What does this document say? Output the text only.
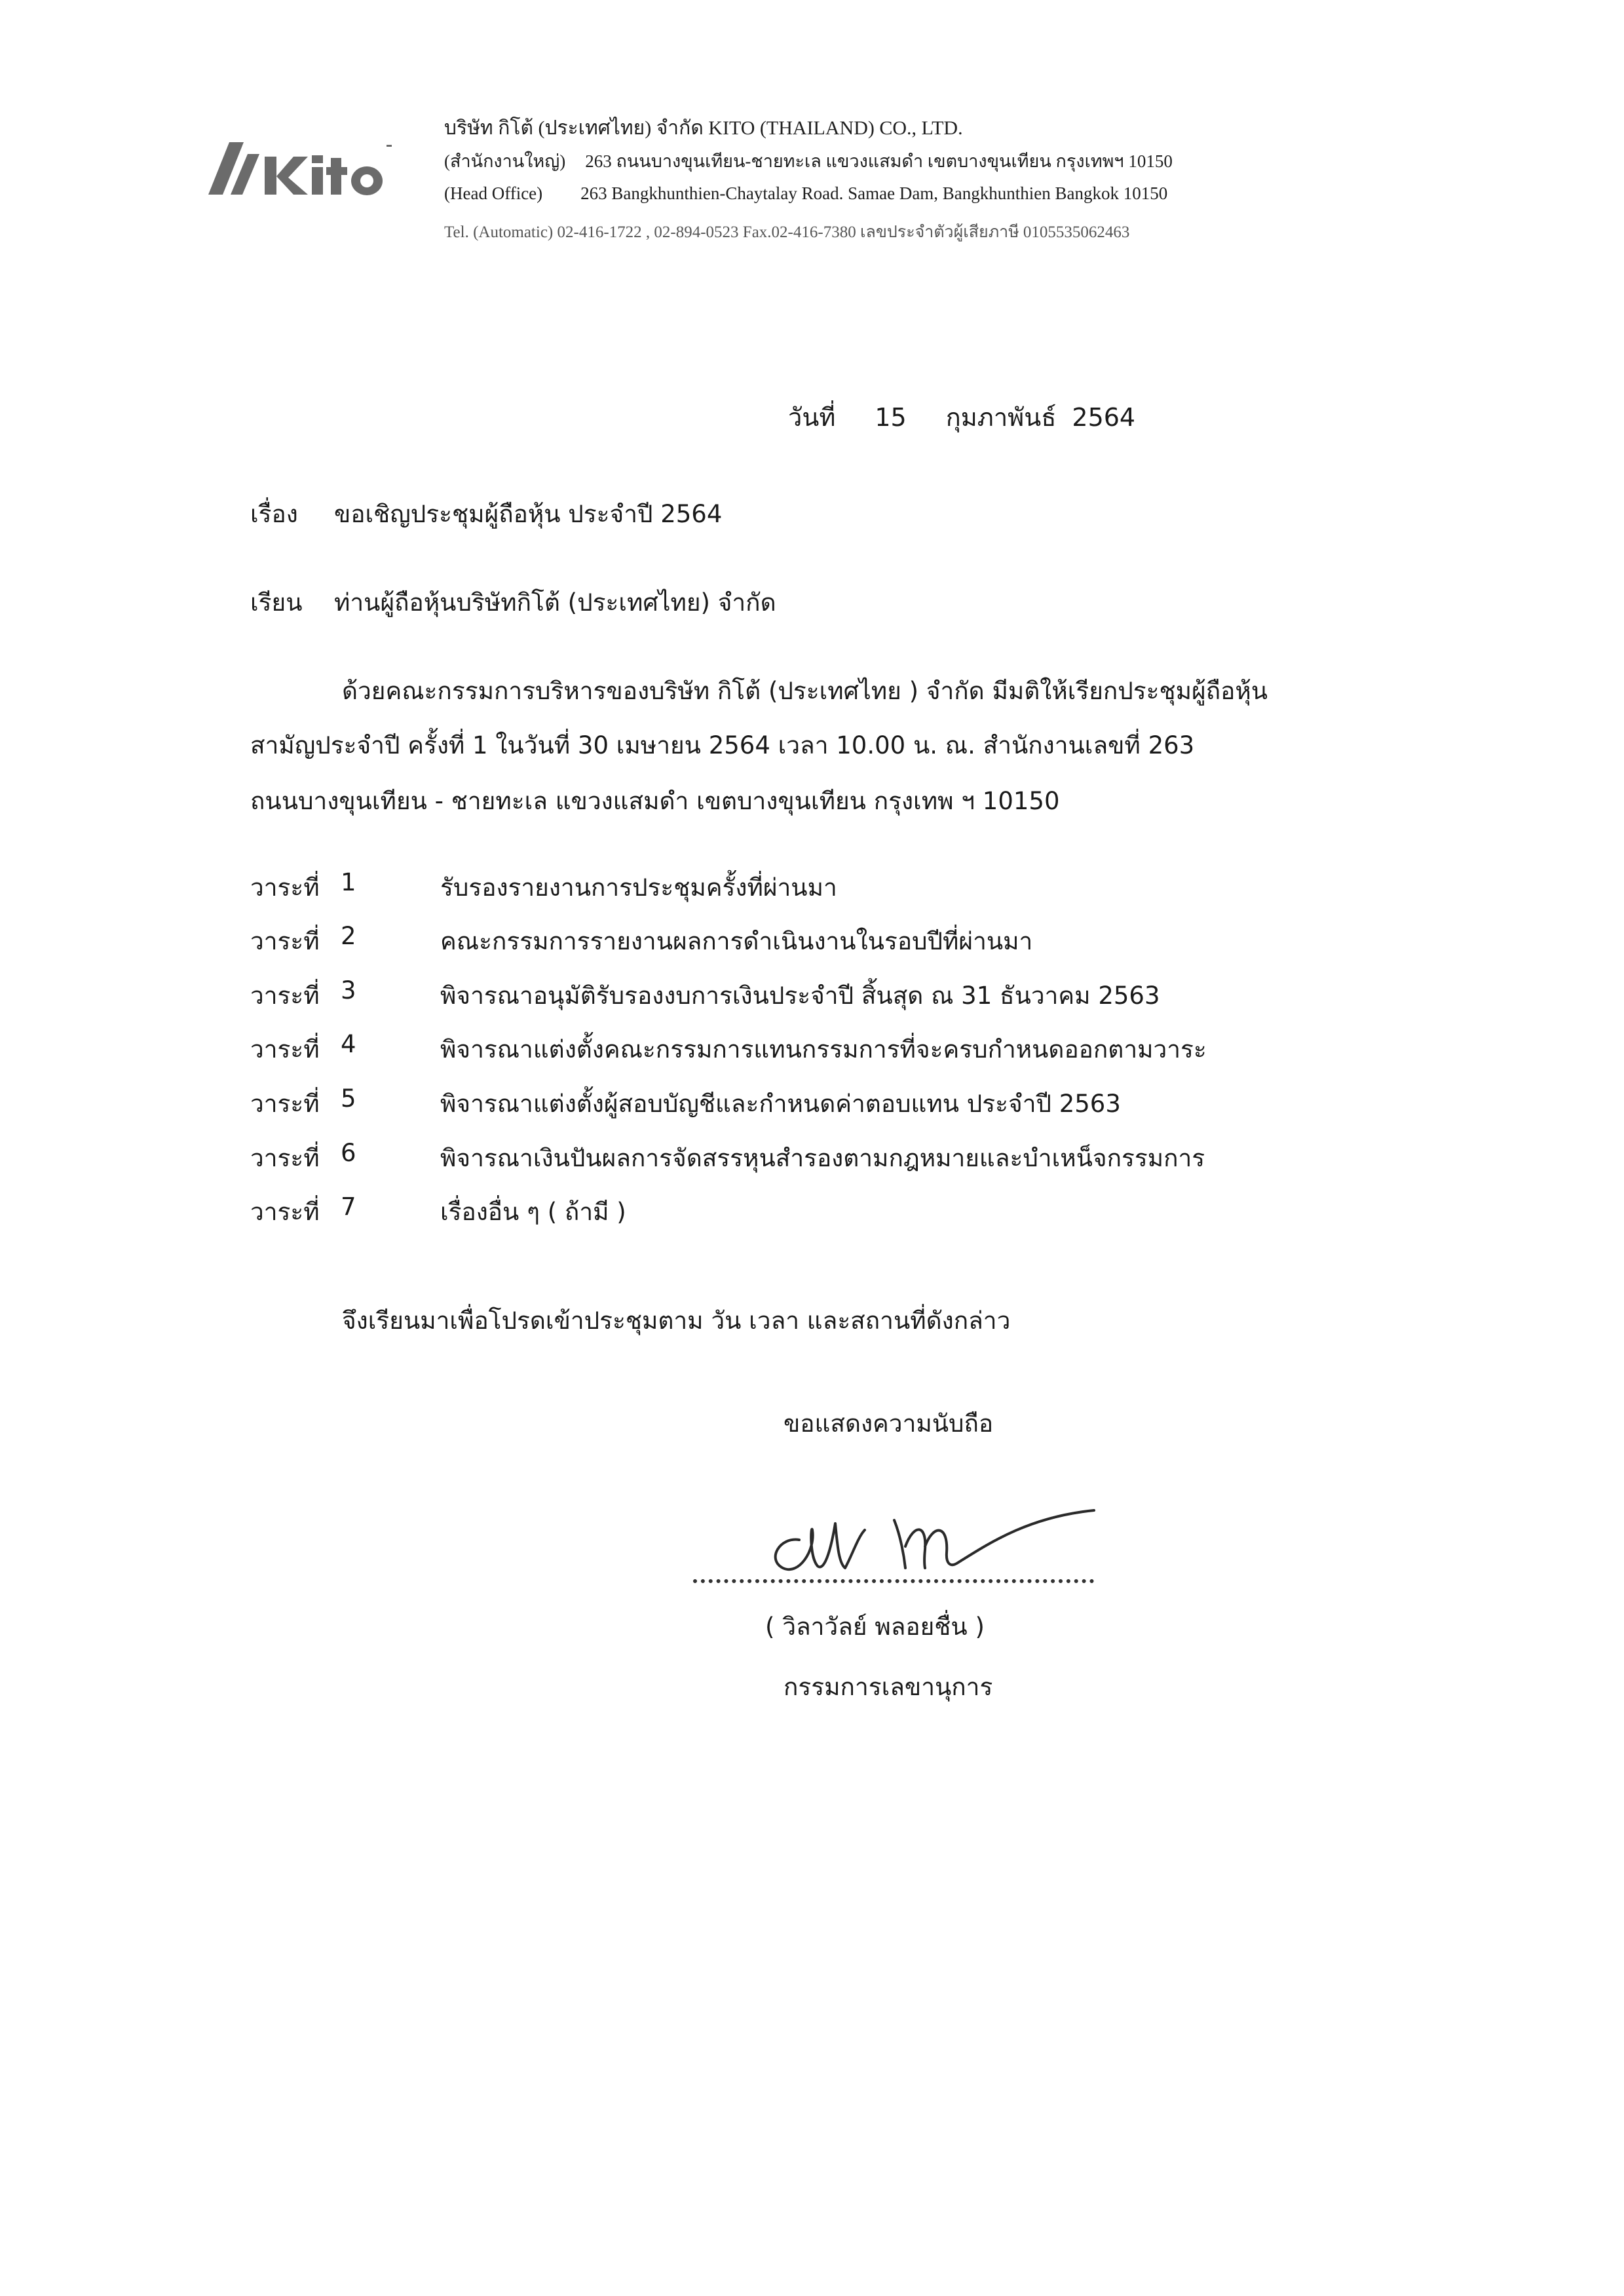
บริษัท กิโต้ (ประเทศไทย) จำกัด KITO (THAILAND) CO., LTD.
(สำนักงานใหญ่) 263 ถนนบางขุนเทียน-ชายทะเล แขวงแสมดำ เขตบางขุนเทียน กรุงเทพฯ 10150
(Head Office) 263 Bangkhunthien-Chaytalay Road. Samae Dam, Bangkhunthien Bangkok 10150
Tel. (Automatic) 02-416-1722 , 02-894-0523 Fax.02-416-7380 เลขประจำตัวผู้เสียภาษี 0105535062463
วันที่ 15 กุมภาพันธ์ 2564
เรื่อง ขอเชิญประชุมผู้ถือหุ้น ประจำปี 2564
เรียน ท่านผู้ถือหุ้นบริษัทกิโต้ (ประเทศไทย) จำกัด
ด้วยคณะกรรมการบริหารของบริษัท กิโต้ (ประเทศไทย ) จำกัด มีมติให้เรียกประชุมผู้ถือหุ้น
สามัญประจำปี ครั้งที่ 1 ในวันที่ 30 เมษายน 2564 เวลา 10.00 น. ณ. สำนักงานเลขที่ 263
ถนนบางขุนเทียน - ชายทะเล แขวงแสมดำ เขตบางขุนเทียน กรุงเทพ ฯ 10150
วาระที่ 1	รับรองรายงานการประชุมครั้งที่ผ่านมา
วาระที่ 2	คณะกรรมการรายงานผลการดำเนินงานในรอบปีที่ผ่านมา
วาระที่ 3	พิจารณาอนุมัติรับรองงบการเงินประจำปี สิ้นสุด ณ 31 ธันวาคม 2563
วาระที่ 4	พิจารณาแต่งตั้งคณะกรรมการแทนกรรมการที่จะครบกำหนดออกตามวาระ
วาระที่ 5	พิจารณาแต่งตั้งผู้สอบบัญชีและกำหนดค่าตอบแทน ประจำปี 2563
วาระที่ 6	พิจารณาเงินปันผลการจัดสรรหุนสำรองตามกฎหมายและบำเหน็จกรรมการ
วาระที่ 7	เรื่องอื่น ๆ ( ถ้ามี )
จึงเรียนมาเพื่อโปรดเข้าประชุมตาม วัน เวลา และสถานที่ดังกล่าว
ขอแสดงความนับถือ
( วิลาวัลย์ พลอยชื่น )
กรรมการเลขานุการ
